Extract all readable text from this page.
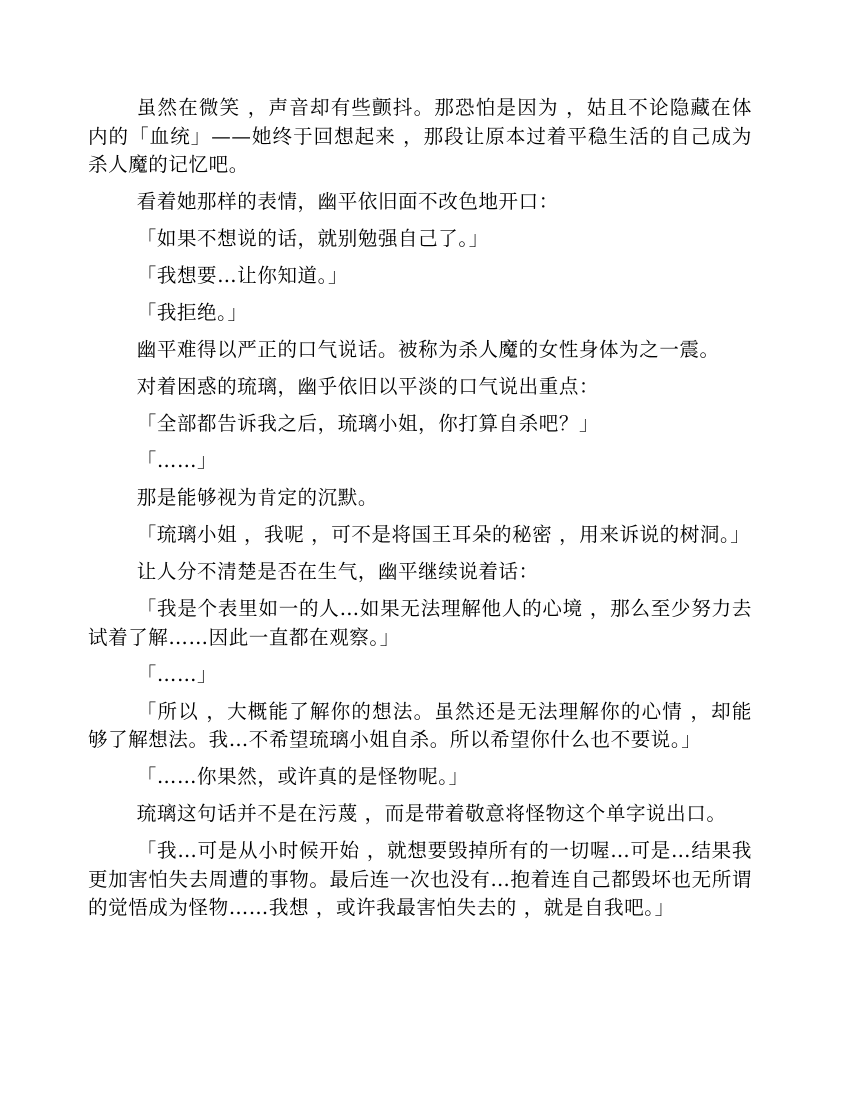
虽然在微笑 ，声音却有些颤抖。那恐怕是因为 ，姑且不论隐藏在体内的「血统」——她终于回想起来 ，那段让原本过着平稳生活的自己成为杀人魔的记忆吧。

看着她那样的表情，幽平依旧面不改色地开口：

「如果不想说的话，就别勉强自己了。」

「我想要…让你知道。」

「我拒绝。」

幽平难得以严正的口气说话。被称为杀人魔的女性身体为之一震。

对着困惑的琉璃，幽乎依旧以平淡的口气说出重点：

「全部都告诉我之后，琉璃小姐，你打算自杀吧？」

「……」

那是能够视为肯定的沉默。

「琉璃小姐 ，我呢 ，可不是将国王耳朵的秘密 ，用来诉说的树洞。」

让人分不清楚是否在生气，幽平继续说着话：

「我是个表里如一的人…如果无法理解他人的心境 ，那么至少努力去试着了解……因此一直都在观察。」

「……」

「所以 ，大概能了解你的想法。虽然还是无法理解你的心情 ，却能够了解想法。我…不希望琉璃小姐自杀。所以希望你什么也不要说。」

「……你果然，或许真的是怪物呢。」

琉璃这句话并不是在污蔑 ，而是带着敬意将怪物这个单字说出口。

「我…可是从小时候开始 ，就想要毁掉所有的一切喔…可是…结果我更加害怕失去周遭的事物。最后连一次也没有…抱着连自己都毁坏也无所谓的觉悟成为怪物……我想 ，或许我最害怕失去的 ，就是自我吧。」
